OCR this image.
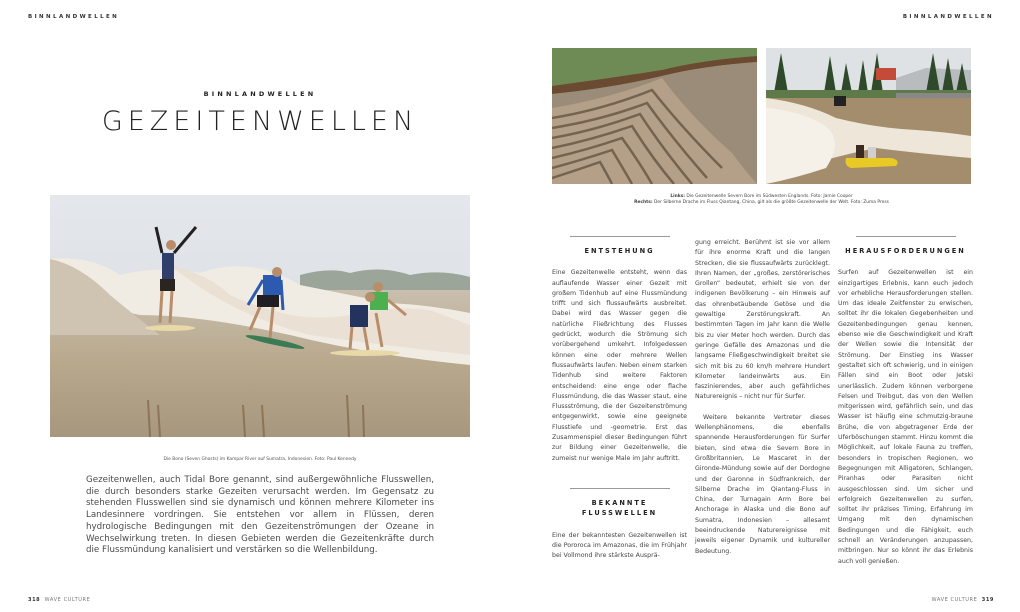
BINNLANDWELLEN	BINNLANDWELLEN
BINNLANDWELLEN
GEZEITENWELLEN
Die Bono (Seven Ghosts) im Kampar River auf Sumatra, Indonesien. Foto: Paul Kennedy
Gezeitenwellen, auch Tidal Bore genannt, sind außergewöhnliche Flusswellen, die durch besonders starke Gezeiten verursacht werden. Im Gegensatz zu stehenden Flusswellen sind sie dynamisch und können mehrere Kilometer ins Landesinnere vordringen. Sie entstehen vor allem in Flüssen, deren hydrologische Bedingungen mit den Gezeitenströmungen der Ozeane in Wechselwirkung treten. In diesen Gebieten werden die Gezeitenkräfte durch die Flussmündung kanalisiert und verstärken so die Wellenbildung.
Links: Die Gezeitenwelle Severn Bore im Südwesten Englands. Foto: Jamie Cooper
Rechts: Der Silberne Drache im Fluss Qiantang, China, gilt als die größte Gezeitenwelle der Welt. Foto: Zuma Press
ENTSTEHUNG

Eine Gezeitenwelle entsteht, wenn das auflaufende Wasser einer Gezeit mit großem Tidenhub auf eine Flussmündung trifft und sich flussaufwärts ausbreitet. Dabei wird das Wasser gegen die natürliche Fließrichtung des Flusses gedrückt, wodurch die Strömung sich vorübergehend umkehrt. Infolgedessen können eine oder mehrere Wellen flussaufwärts laufen. Neben einem starken Tidenhub sind weitere Faktoren entscheidend: eine enge oder flache Flussmündung, die das Wasser staut, eine Flussströmung, die der Gezeitenströmung entgegenwirkt, sowie eine geeignete Flusstiefe und -geometrie. Erst das Zusammenspiel dieser Bedingungen führt zur Bildung einer Gezeitenwelle, die zumeist nur wenige Male im Jahr auftritt.

BEKANNTE FLUSSWELLEN

Eine der bekanntesten Gezeitenwellen ist die Pororoca im Amazonas, die im Frühjahr bei Vollmond ihre stärkste Ausprä-

gung erreicht. Berühmt ist sie vor allem für ihre enorme Kraft und die langen Strecken, die sie flussaufwärts zurücklegt. Ihren Namen, der „großes, zerstörerisches Grollen“ bedeutet, erhielt sie von der indigenen Bevölkerung – ein Hinweis auf das ohrenbetäubende Getöse und die gewaltige Zerstörungskraft. An bestimmten Tagen im Jahr kann die Welle bis zu vier Meter hoch werden. Durch das geringe Gefälle des Amazonas und die langsame Fließgeschwindigkeit breitet sie sich mit bis zu 60 km/h mehrere Hundert Kilometer landeinwärts aus. Ein faszinierendes, aber auch gefährliches Naturereignis – nicht nur für Surfer.

Weitere bekannte Vertreter dieses Wellenphänomens, die ebenfalls spannende Herausforderungen für Surfer bieten, sind etwa die Severn Bore in Großbritannien, Le Mascaret in der Gironde-Mündung sowie auf der Dordogne und der Garonne in Südfrankreich, der Silberne Drache im Qiantang-Fluss in China, der Turnagain Arm Bore bei Anchorage in Alaska und die Bono auf Sumatra, Indonesien – allesamt beeindruckende Naturereignisse mit jeweils eigener Dynamik und kultureller Bedeutung.

HERAUSFORDERUNGEN

Surfen auf Gezeitenwellen ist ein einzigartiges Erlebnis, kann euch jedoch vor erhebliche Herausforderungen stellen. Um das ideale Zeitfenster zu erwischen, solltet ihr die lokalen Gegebenheiten und Gezeitenbedingungen genau kennen, ebenso wie die Geschwindigkeit und Kraft der Wellen sowie die Intensität der Strömung. Der Einstieg ins Wasser gestaltet sich oft schwierig, und in einigen Fällen sind ein Boot oder Jetski unerlässlich. Zudem können verborgene Felsen und Treibgut, das von den Wellen mitgerissen wird, gefährlich sein, und das Wasser ist häufig eine schmutzig-braune Brühe, die von abgetragener Erde der Uferböschungen stammt. Hinzu kommt die Möglichkeit, auf lokale Fauna zu treffen, besonders in tropischen Regionen, wo Begegnungen mit Alligatoren, Schlangen, Piranhas oder Parasiten nicht ausgeschlossen sind. Um sicher und erfolgreich Gezeitenwellen zu surfen, solltet ihr präzises Timing, Erfahrung im Umgang mit den dynamischen Bedingungen und die Fähigkeit, euch schnell an Veränderungen anzupassen, mitbringen. Nur so könnt ihr das Erlebnis auch voll genießen.

318 WAVE CULTURE	WAVE CULTURE 319
